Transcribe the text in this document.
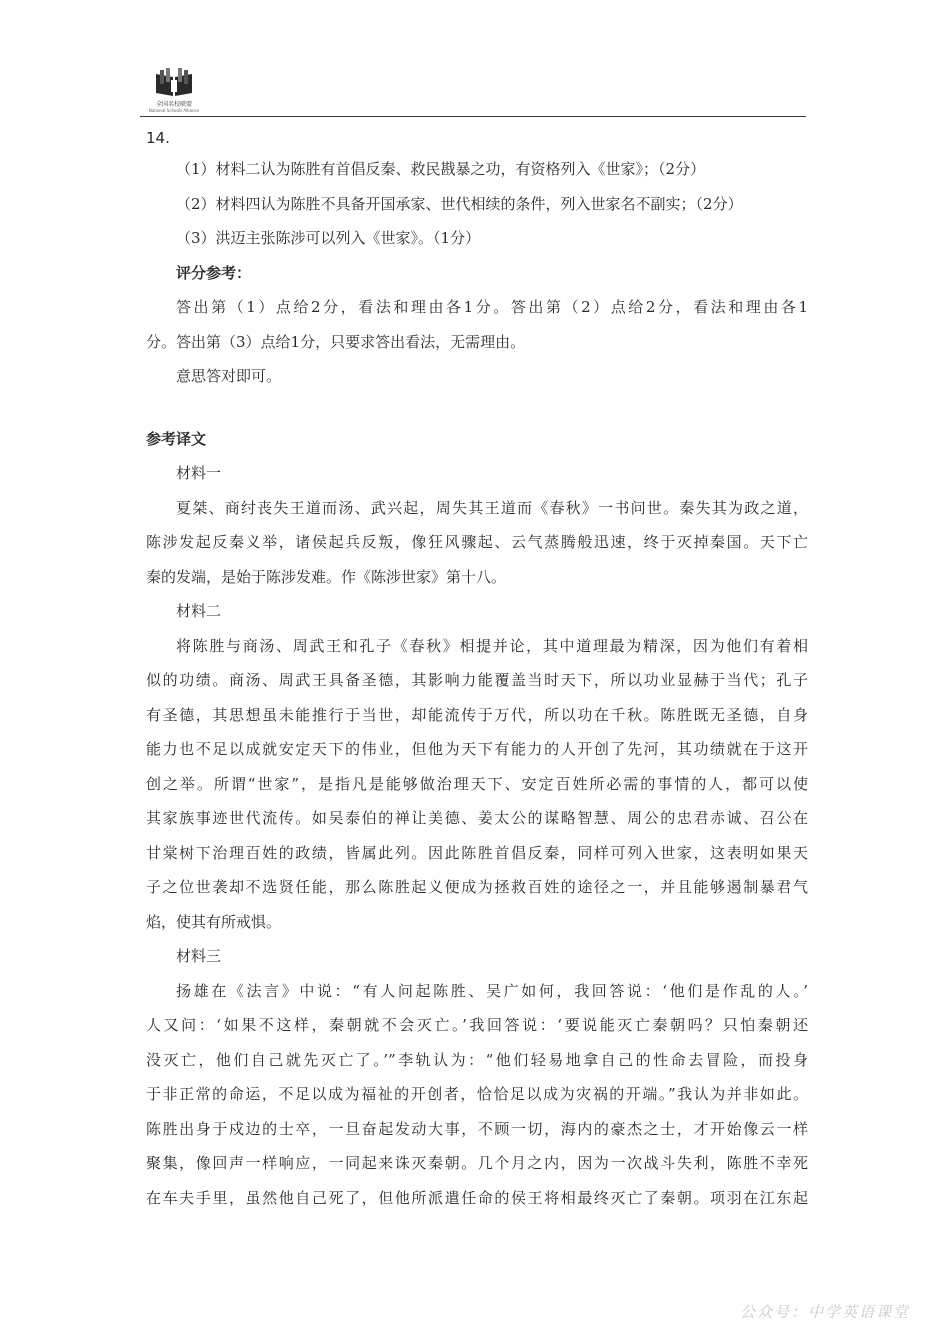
全国名校联盟
National Schools Alliance
14.
（1）材料二认为陈胜有首倡反秦、救民戡暴之功，有资格列入《世家》；（2分）
（2）材料四认为陈胜不具备开国承家、世代相续的条件，列入世家名不副实；（2分）
（3）洪迈主张陈涉可以列入《世家》。（1分）
评分参考：
答出第（1）点给2分，看法和理由各1分。答出第（2）点给2分，看法和理由各1
分。答出第（3）点给1分，只要求答出看法，无需理由。
意思答对即可。
参考译文
材料一
夏桀、商纣丧失王道而汤、武兴起，周失其王道而《春秋》一书问世。秦失其为政之道，
陈涉发起反秦义举，诸侯起兵反叛，像狂风骤起、云气蒸腾般迅速，终于灭掉秦国。天下亡
秦的发端，是始于陈涉发难。作《陈涉世家》第十八。
材料二
将陈胜与商汤、周武王和孔子《春秋》相提并论，其中道理最为精深，因为他们有着相
似的功绩。商汤、周武王具备圣德，其影响力能覆盖当时天下，所以功业显赫于当代；孔子
有圣德，其思想虽未能推行于当世，却能流传于万代，所以功在千秋。陈胜既无圣德，自身
能力也不足以成就安定天下的伟业，但他为天下有能力的人开创了先河，其功绩就在于这开
创之举。所谓“世家”，是指凡是能够做治理天下、安定百姓所必需的事情的人，都可以使
其家族事迹世代流传。如吴泰伯的禅让美德、姜太公的谋略智慧、周公的忠君赤诚、召公在
甘棠树下治理百姓的政绩，皆属此列。因此陈胜首倡反秦，同样可列入世家，这表明如果天
子之位世袭却不选贤任能，那么陈胜起义便成为拯救百姓的途径之一，并且能够遏制暴君气
焰，使其有所戒惧。
材料三
扬雄在《法言》中说：“有人问起陈胜、吴广如何，我回答说：‘他们是作乱的人。’
人又问：‘如果不这样，秦朝就不会灭亡。’我回答说：‘要说能灭亡秦朝吗？只怕秦朝还
没灭亡，他们自己就先灭亡了。’”李轨认为：“他们轻易地拿自己的性命去冒险，而投身
于非正常的命运，不足以成为福祉的开创者，恰恰足以成为灾祸的开端。”我认为并非如此。
陈胜出身于戍边的士卒，一旦奋起发动大事，不顾一切，海内的豪杰之士，才开始像云一样
聚集，像回声一样响应，一同起来诛灭秦朝。几个月之内，因为一次战斗失利，陈胜不幸死
在车夫手里，虽然他自己死了，但他所派遣任命的侯王将相最终灭亡了秦朝。项羽在江东起
公众号：中学英语课堂
